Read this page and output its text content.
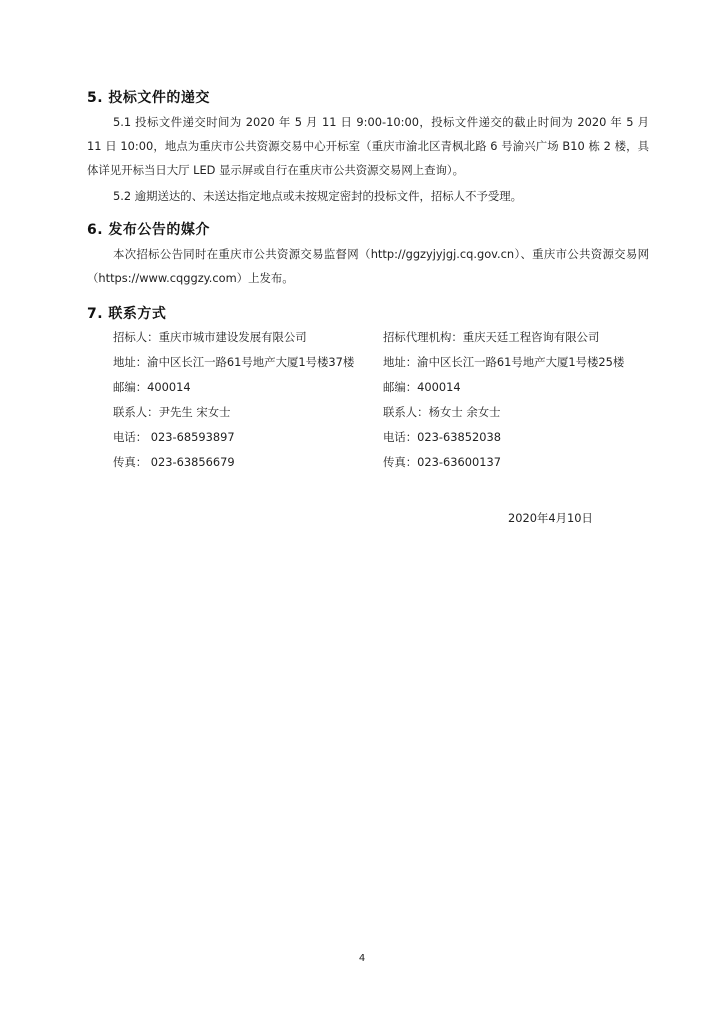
5. 投标文件的递交
5.1 投标文件递交时间为 2020 年 5 月 11 日 9:00-10:00，投标文件递交的截止时间为 2020 年 5 月 11 日 10:00，地点为重庆市公共资源交易中心开标室（重庆市渝北区青枫北路 6 号渝兴广场 B10 栋 2 楼，具体详见开标当日大厅 LED 显示屏或自行在重庆市公共资源交易网上查询）。
5.2 逾期送达的、未送达指定地点或未按规定密封的投标文件，招标人不予受理。
6. 发布公告的媒介
本次招标公告同时在重庆市公共资源交易监督网（http://ggzyjyjgj.cq.gov.cn）、重庆市公共资源交易网（https://www.cqggzy.com）上发布。
7. 联系方式
招标人：重庆市城市建设发展有限公司	招标代理机构：重庆天廷工程咨询有限公司
地址：渝中区长江一路61号地产大厦1号楼37楼	地址：渝中区长江一路61号地产大厦1号楼25楼
邮编：400014	邮编：400014
联系人：尹先生 宋女士	联系人：杨女士 余女士
电话： 023-68593897	电话：023-63852038
传真： 023-63856679	传真：023-63600137
2020年4月10日
4
